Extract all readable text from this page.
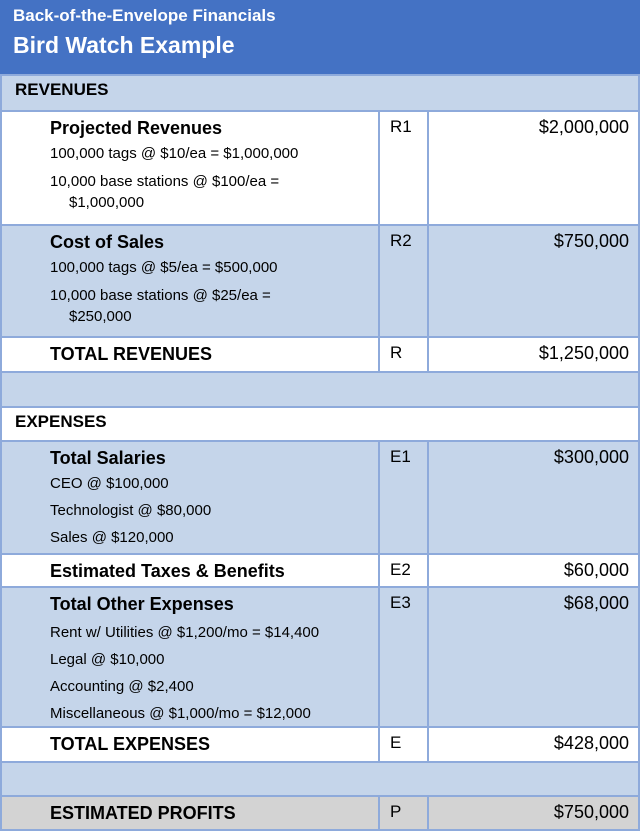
Back-of-the-Envelope Financials
Bird Watch Example
REVENUES
Projected Revenues
100,000 tags @ $10/ea = $1,000,000
10,000 base stations @ $100/ea =
$1,000,000
R1	$2,000,000
Cost of Sales
100,000 tags @ $5/ea = $500,000
10,000 base stations @ $25/ea =
$250,000
R2	$750,000
TOTAL REVENUES	R	$1,250,000
EXPENSES
Total Salaries
CEO @ $100,000
Technologist @ $80,000
Sales @ $120,000
E1	$300,000
Estimated Taxes & Benefits	E2	$60,000
Total Other Expenses
Rent w/ Utilities @ $1,200/mo = $14,400
Legal @ $10,000
Accounting @ $2,400
Miscellaneous @ $1,000/mo = $12,000
E3	$68,000
TOTAL EXPENSES	E	$428,000
ESTIMATED PROFITS	P	$750,000
